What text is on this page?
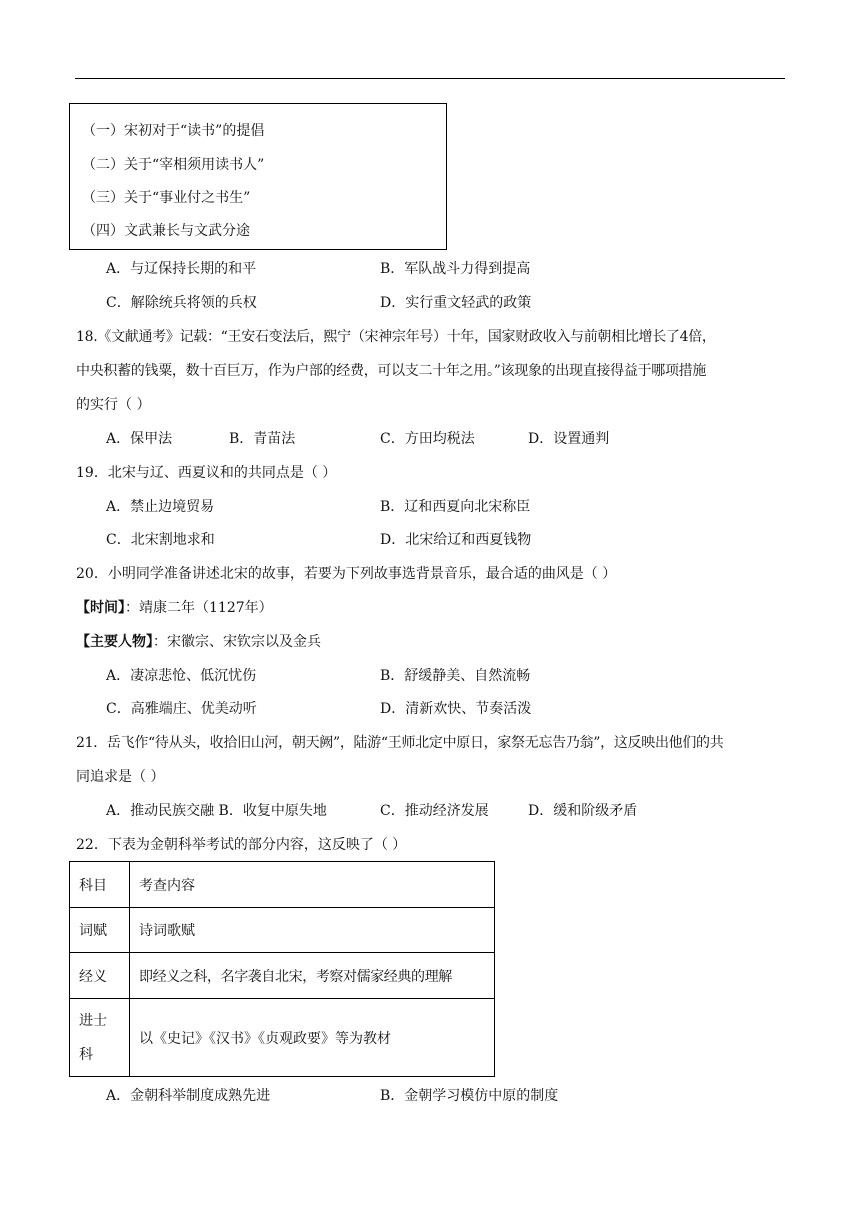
（一）宋初对于“读书”的提倡
（二）关于“宰相须用读书人”
（三）关于“事业付之书生”
（四）文武兼长与文武分途
A．与辽保持长期的和平	B．军队战斗力得到提高
C．解除统兵将领的兵权	D．实行重文轻武的政策
18.《文献通考》记载：“王安石变法后，熙宁（宋神宗年号）十年，国家财政收入与前朝相比增长了4倍，
中央积蓄的钱粟，数十百巨万，作为户部的经费，可以支二十年之用。”该现象的出现直接得益于哪项措施
的实行（ ）
A．保甲法	B．青苗法	C．方田均税法	D．设置通判
19．北宋与辽、西夏议和的共同点是（ ）
A．禁止边境贸易	B．辽和西夏向北宋称臣
C．北宋割地求和	D．北宋给辽和西夏钱物
20．小明同学准备讲述北宋的故事，若要为下列故事选背景音乐，最合适的曲风是（ ）
【时间】：靖康二年（1127年）
【主要人物】：宋徽宗、宋钦宗以及金兵
A．凄凉悲怆、低沉忧伤	B．舒缓静美、自然流畅
C．高雅端庄、优美动听	D．清新欢快、节奏活泼
21．岳飞作“待从头，收拾旧山河，朝天阙”，陆游“王师北定中原日，家祭无忘告乃翁”，这反映出他们的共
同追求是（ ）
A．推动民族交融 B．收复中原失地	C．推动经济发展	D．缓和阶级矛盾
22．下表为金朝科举考试的部分内容，这反映了（ ）
科目	考查内容
词赋	诗词歌赋
经义	即经义之科，名字袭自北宋，考察对儒家经典的理解
进士科	以《史记》《汉书》《贞观政要》等为教材
A．金朝科举制度成熟先进	B．金朝学习模仿中原的制度
